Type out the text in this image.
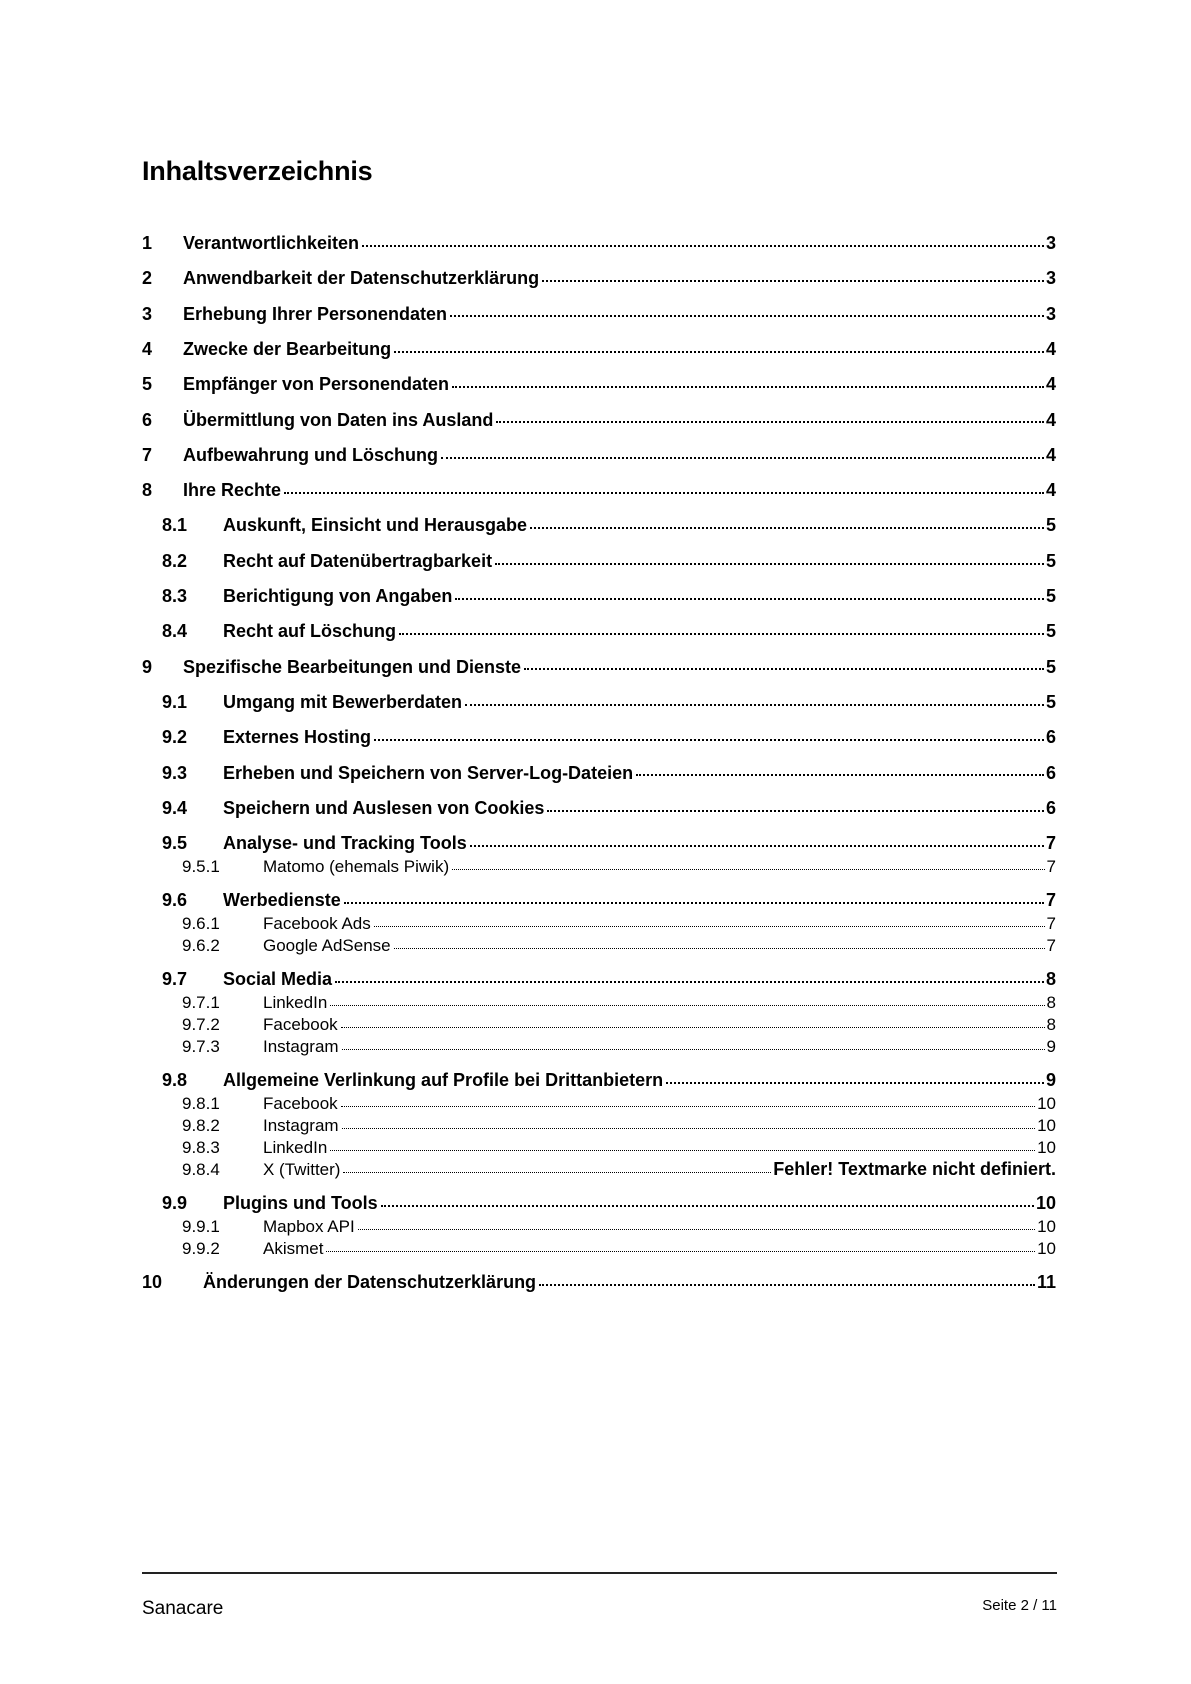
Inhaltsverzeichnis
1	Verantwortlichkeiten	3
2	Anwendbarkeit der Datenschutzerklärung	3
3	Erhebung Ihrer Personendaten	3
4	Zwecke der Bearbeitung	4
5	Empfänger von Personendaten	4
6	Übermittlung von Daten ins Ausland	4
7	Aufbewahrung und Löschung	4
8	Ihre Rechte	4
8.1	Auskunft, Einsicht und Herausgabe	5
8.2	Recht auf Datenübertragbarkeit	5
8.3	Berichtigung von Angaben	5
8.4	Recht auf Löschung	5
9	Spezifische Bearbeitungen und Dienste	5
9.1	Umgang mit Bewerberdaten	5
9.2	Externes Hosting	6
9.3	Erheben und Speichern von Server-Log-Dateien	6
9.4	Speichern und Auslesen von Cookies	6
9.5	Analyse- und Tracking Tools	7
9.5.1	Matomo (ehemals Piwik)	7
9.6	Werbedienste	7
9.6.1	Facebook Ads	7
9.6.2	Google AdSense	7
9.7	Social Media	8
9.7.1	LinkedIn	8
9.7.2	Facebook	8
9.7.3	Instagram	9
9.8	Allgemeine Verlinkung auf Profile bei Drittanbietern	9
9.8.1	Facebook	10
9.8.2	Instagram	10
9.8.3	LinkedIn	10
9.8.4	X (Twitter)	Fehler! Textmarke nicht definiert.
9.9	Plugins und Tools	10
9.9.1	Mapbox API	10
9.9.2	Akismet	10
10	Änderungen der Datenschutzerklärung	11
Sanacare	Seite 2 / 11
